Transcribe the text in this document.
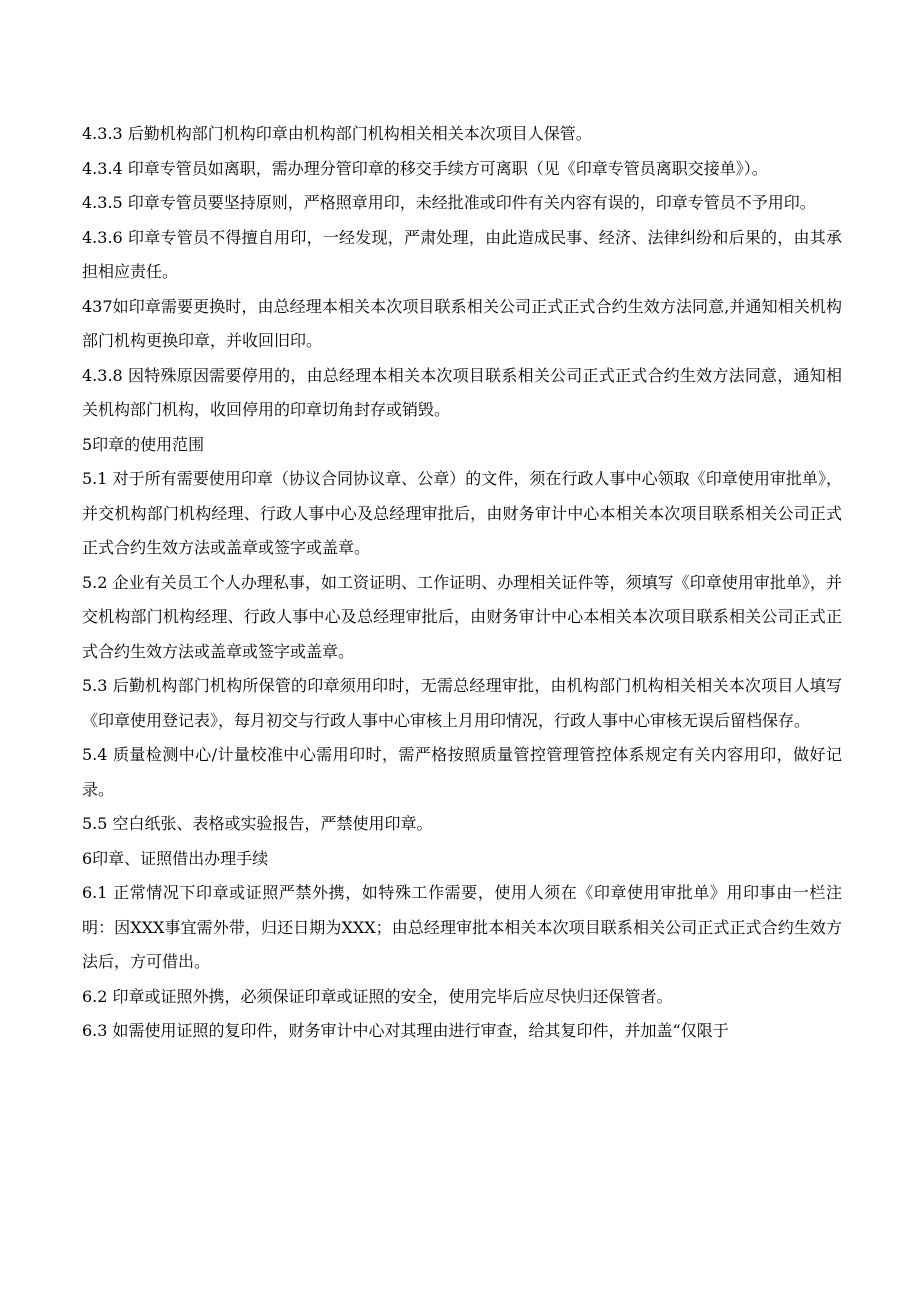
4.3.3 后勤机构部门机构印章由机构部门机构相关相关本次项目人保管。

4.3.4 印章专管员如离职，需办理分管印章的移交手续方可离职（见《印章专管员离职交接单》）。

4.3.5 印章专管员要坚持原则，严格照章用印，未经批准或印件有关内容有误的，印章专管员不予用印。

4.3.6 印章专管员不得擅自用印，一经发现，严肃处理，由此造成民事、经济、法律纠纷和后果的，由其承担相应责任。

437如印章需要更换时，由总经理本相关本次项目联系相关公司正式正式合约生效方法同意,并通知相关机构部门机构更换印章，并收回旧印。

4.3.8 因特殊原因需要停用的，由总经理本相关本次项目联系相关公司正式正式合约生效方法同意，通知相关机构部门机构，收回停用的印章切角封存或销毁。

5印章的使用范围

5.1 对于所有需要使用印章（协议合同协议章、公章）的文件，须在行政人事中心领取《印章使用审批单》，并交机构部门机构经理、行政人事中心及总经理审批后，由财务审计中心本相关本次项目联系相关公司正式正式合约生效方法或盖章或签字或盖章。

5.2 企业有关员工个人办理私事，如工资证明、工作证明、办理相关证件等，须填写《印章使用审批单》，并交机构部门机构经理、行政人事中心及总经理审批后，由财务审计中心本相关本次项目联系相关公司正式正式合约生效方法或盖章或签字或盖章。

5.3 后勤机构部门机构所保管的印章须用印时，无需总经理审批，由机构部门机构相关相关本次项目人填写《印章使用登记表》，每月初交与行政人事中心审核上月用印情况，行政人事中心审核无误后留档保存。

5.4 质量检测中心/计量校准中心需用印时，需严格按照质量管控管理管控体系规定有关内容用印，做好记录。

5.5 空白纸张、表格或实验报告，严禁使用印章。

6印章、证照借出办理手续

6.1 正常情况下印章或证照严禁外携，如特殊工作需要，使用人须在《印章使用审批单》用印事由一栏注明：因XXX事宜需外带，归还日期为XXX；由总经理审批本相关本次项目联系相关公司正式正式合约生效方法后，方可借出。

6.2 印章或证照外携，必须保证印章或证照的安全，使用完毕后应尽快归还保管者。

6.3 如需使用证照的复印件，财务审计中心对其理由进行审查，给其复印件，并加盖“仅限于
